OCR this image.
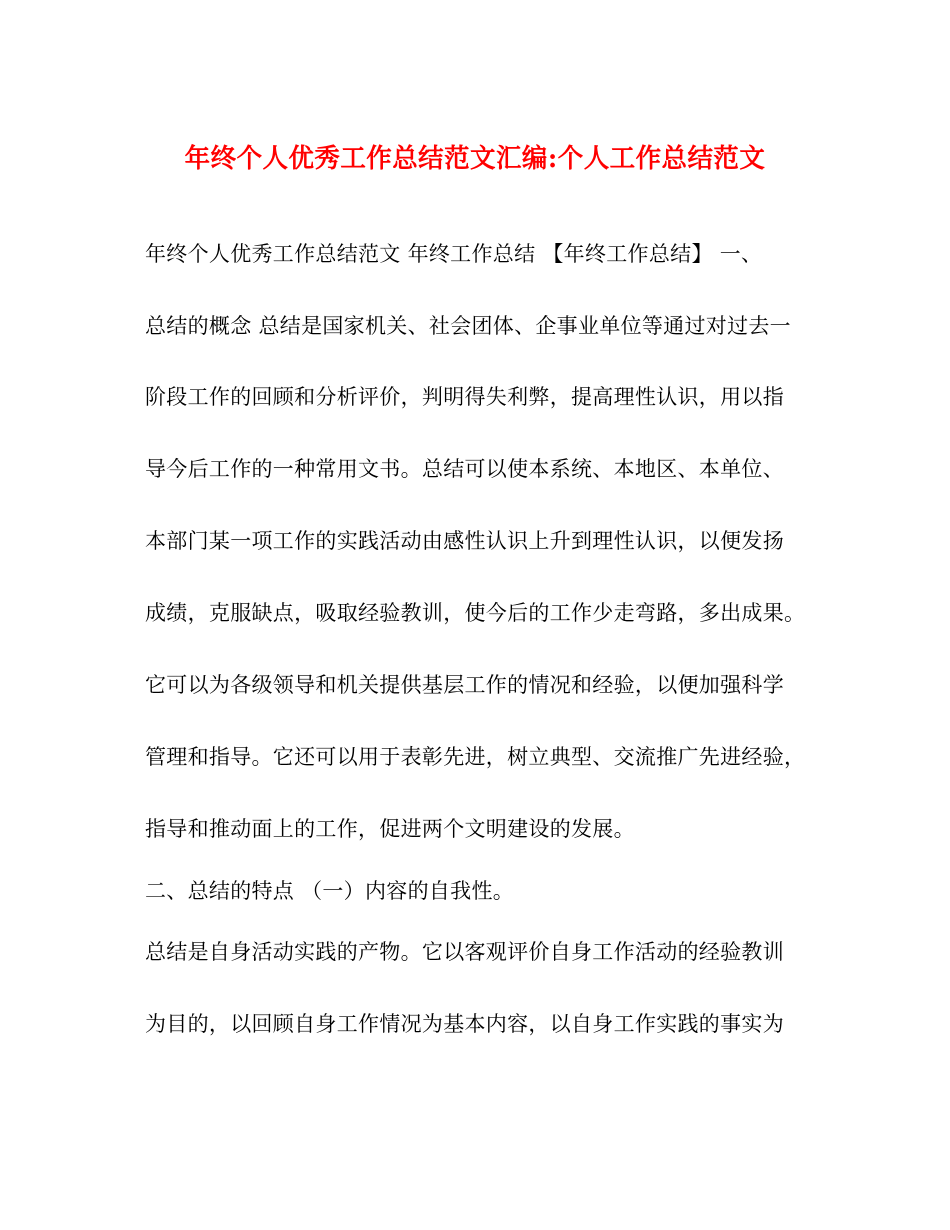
年终个人优秀工作总结范文汇编:个人工作总结范文
年终个人优秀工作总结范文 年终工作总结 【年终工作总结】 一、
总结的概念 总结是国家机关、社会团体、企事业单位等通过对过去一
阶段工作的回顾和分析评价，判明得失利弊，提高理性认识，用以指
导今后工作的一种常用文书。总结可以使本系统、本地区、本单位、
本部门某一项工作的实践活动由感性认识上升到理性认识，以便发扬
成绩，克服缺点，吸取经验教训，使今后的工作少走弯路，多出成果。
它可以为各级领导和机关提供基层工作的情况和经验，以便加强科学
管理和指导。它还可以用于表彰先进，树立典型、交流推广先进经验，
指导和推动面上的工作，促进两个文明建设的发展。
二、总结的特点 （一）内容的自我性。
总结是自身活动实践的产物。它以客观评价自身工作活动的经验教训
为目的，以回顾自身工作情况为基本内容，以自身工作实践的事实为
